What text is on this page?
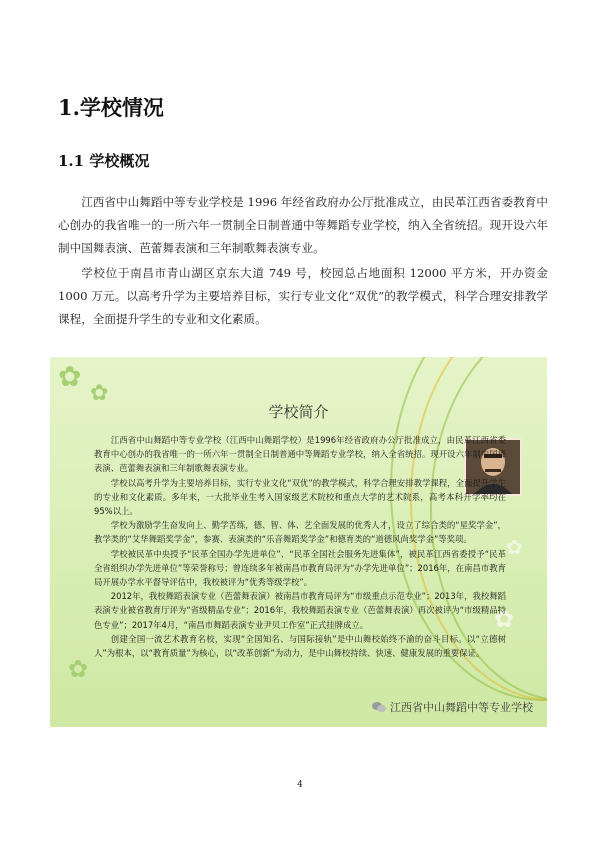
1.学校情况
1.1 学校概况

江西省中山舞蹈中等专业学校是 1996 年经省政府办公厅批准成立，由民革江西省委教育中心创办的我省唯一的一所六年一贯制全日制普通中等舞蹈专业学校，纳入全省统招。现开设六年制中国舞表演、芭蕾舞表演和三年制歌舞表演专业。

学校位于南昌市青山湖区京东大道 749 号，校园总占地面积 12000 平方米，开办资金 1000 万元。以高考升学为主要培养目标，实行专业文化“双优”的教学模式，科学合理安排教学课程，全面提升学生的专业和文化素质。

✿
✿
✿
✿
✿
学校简介

江西省中山舞蹈中等专业学校（江西中山舞蹈学校）是1996年经省政府办公厅批准成立，由民革江西省委教育中心创办的我省唯一的一所六年一贯制全日制普通中等舞蹈专业学校，纳入全省统招。现开设六年制中国舞表演、芭蕾舞表演和三年制歌舞表演专业。

学校以高考升学为主要培养目标，实行专业文化“双优”的教学模式，科学合理安排教学课程，全面提升学生的专业和文化素质。多年来，一大批毕业生考入国家级艺术院校和重点大学的艺术院系，高考本科升学率均在95%以上。

学校为激励学生奋发向上、勤学苦练，德、智、体、艺全面发展的优秀人才，设立了综合类的“星奖学金”，教学类的“艾华舞蹈奖学金”，参赛、表演类的“乐音舞蹈奖学金”和德育类的“道德风尚奖学金”等奖项。

学校被民革中央授予“民革全国办学先进单位”、“民革全国社会服务先进集体”，被民革江西省委授予“民革全省组织办学先进单位”等荣誉称号；曾连续多年被南昌市教育局评为“办学先进单位”；2016年，在南昌市教育局开展办学水平督导评估中，我校被评为“优秀等级学校”。

2012年，我校舞蹈表演专业（芭蕾舞表演）被南昌市教育局评为“市级重点示范专业”；2013年，我校舞蹈表演专业被省教育厅评为“省级精品专业”；2016年，我校舞蹈表演专业（芭蕾舞表演）再次被评为“市级精品特色专业”；2017年4月，“南昌市舞蹈表演专业尹贝工作室”正式挂牌成立。

创建全国一流艺术教育名校，实现“全国知名、与国际接轨”是中山舞校始终不渝的奋斗目标。以“立德树人”为根本，以“教育质量”为核心，以“改革创新”为动力，是中山舞校持续、快速、健康发展的重要保证。

江西省中山舞蹈中等专业学校
4
